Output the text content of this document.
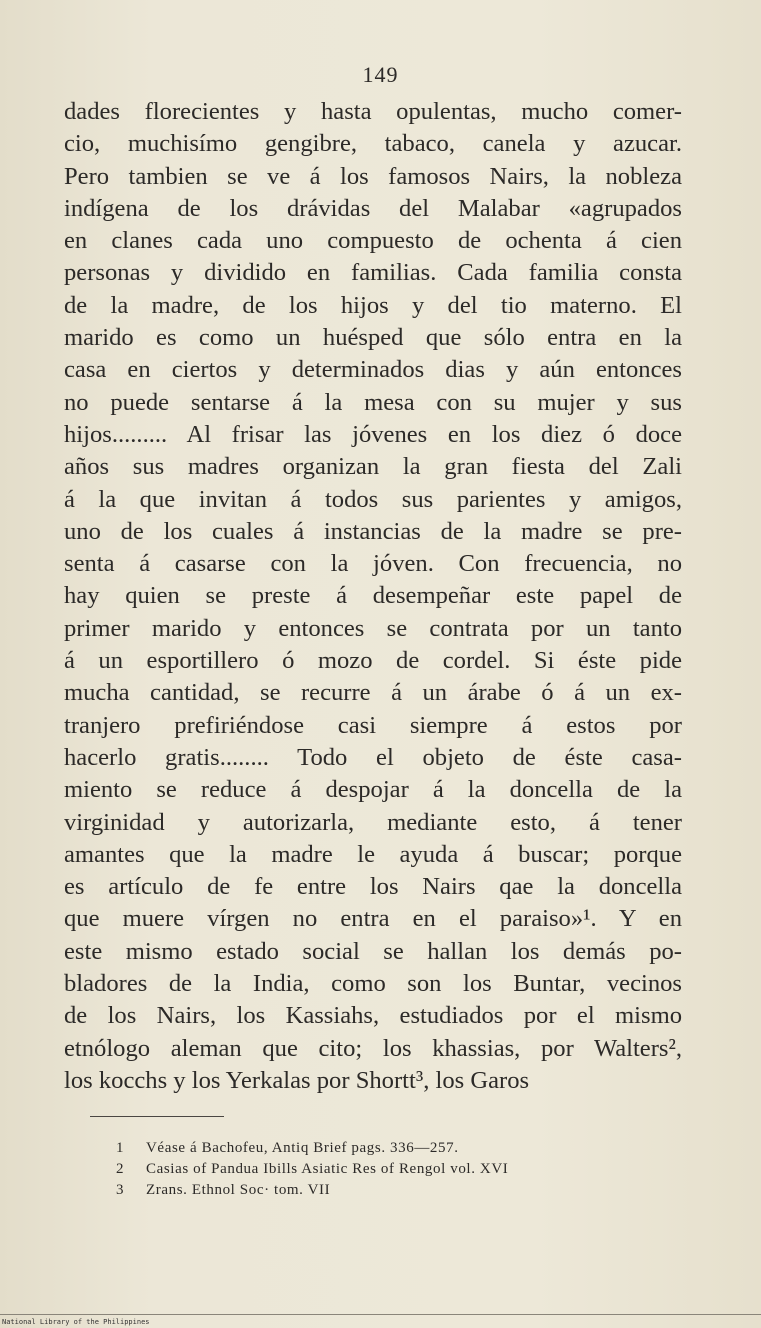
149
dades florecientes y hasta opulentas, mucho comer-
cio, muchisímo gengibre, tabaco, canela y azucar.
Pero tambien se ve á los famosos Nairs, la nobleza
indígena de los drávidas del Malabar «agrupados
en clanes cada uno compuesto de ochenta á cien
personas y dividido en familias. Cada familia consta
de la madre, de los hijos y del tio materno. El
marido es como un huésped que sólo entra en la
casa en ciertos y determinados dias y aún entonces
no puede sentarse á la mesa con su mujer y sus
hijos......... Al frisar las jóvenes en los diez ó doce
años sus madres organizan la gran fiesta del Zali
á la que invitan á todos sus parientes y amigos,
uno de los cuales á instancias de la madre se pre-
senta á casarse con la jóven. Con frecuencia, no
hay quien se preste á desempeñar este papel de
primer marido y entonces se contrata por un tanto
á un esportillero ó mozo de cordel. Si éste pide
mucha cantidad, se recurre á un árabe ó á un ex-
tranjero prefiriéndose casi siempre á estos por
hacerlo gratis........ Todo el objeto de éste casa-
miento se reduce á despojar á la doncella de la
virginidad y autorizarla, mediante esto, á tener
amantes que la madre le ayuda á buscar; porque
es artículo de fe entre los Nairs qae la doncella
que muere vírgen no entra en el paraiso»¹. Y en
este mismo estado social se hallan los demás po-
bladores de la India, como son los Buntar, vecinos
de los Nairs, los Kassiahs, estudiados por el mismo
etnólogo aleman que cito; los khassias, por Walters²,
los kocchs y los Yerkalas por Shortt³, los Garos
1 Véase á Bachofeu, Antiq Brief pags. 336—257.
2 Casias of Pandua Ibills Asiatic Res of Rengol vol. XVI
3 Zrans. Ethnol Soc· tom. VII
National Library of the Philippines
